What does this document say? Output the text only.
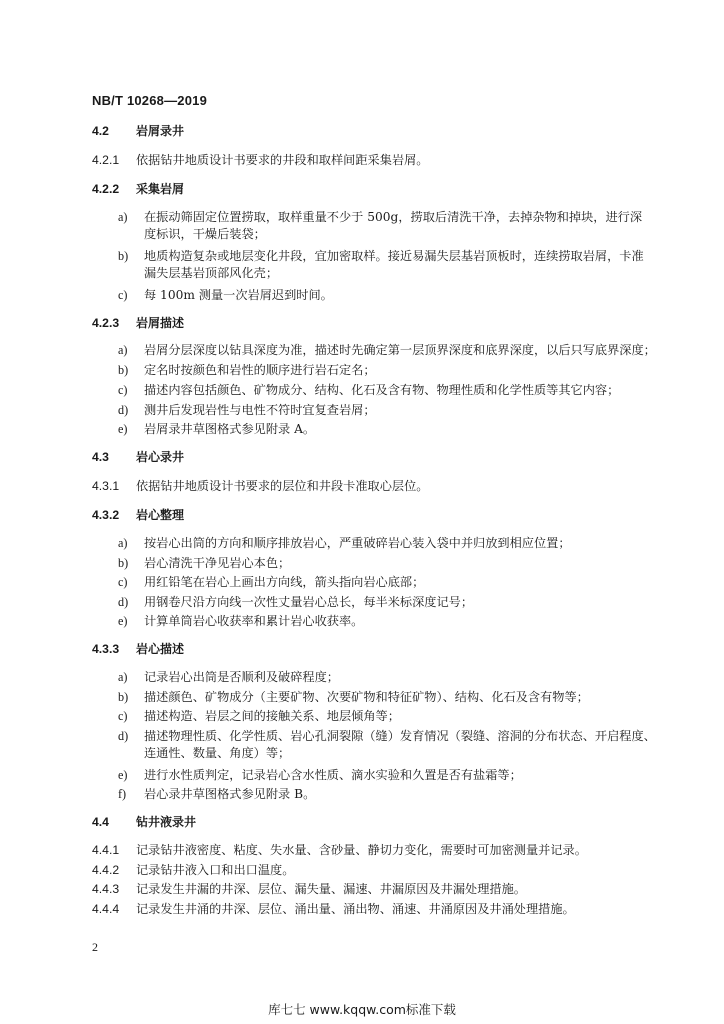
NB/T 10268—2019
4.2 岩屑录井
4.2.1 依据钻井地质设计书要求的井段和取样间距采集岩屑。
4.2.2 采集岩屑
a) 在振动筛固定位置捞取，取样重量不少于 500g，捞取后清洗干净，去掉杂物和掉块，进行深
度标识，干燥后装袋；
b) 地质构造复杂或地层变化井段，宜加密取样。接近易漏失层基岩顶板时，连续捞取岩屑，卡准
漏失层基岩顶部风化壳；
c) 每 100m 测量一次岩屑迟到时间。
4.2.3 岩屑描述
a) 岩屑分层深度以钻具深度为准，描述时先确定第一层顶界深度和底界深度，以后只写底界深度；
b) 定名时按颜色和岩性的顺序进行岩石定名；
c) 描述内容包括颜色、矿物成分、结构、化石及含有物、物理性质和化学性质等其它内容；
d) 测井后发现岩性与电性不符时宜复查岩屑；
e) 岩屑录井草图格式参见附录 A。
4.3 岩心录井
4.3.1 依据钻井地质设计书要求的层位和井段卡准取心层位。
4.3.2 岩心整理
a) 按岩心出筒的方向和顺序排放岩心，严重破碎岩心装入袋中并归放到相应位置；
b) 岩心清洗干净见岩心本色；
c) 用红铅笔在岩心上画出方向线，箭头指向岩心底部；
d) 用钢卷尺沿方向线一次性丈量岩心总长，每半米标深度记号；
e) 计算单筒岩心收获率和累计岩心收获率。
4.3.3 岩心描述
a) 记录岩心出筒是否顺利及破碎程度；
b) 描述颜色、矿物成分（主要矿物、次要矿物和特征矿物）、结构、化石及含有物等；
c) 描述构造、岩层之间的接触关系、地层倾角等；
d) 描述物理性质、化学性质、岩心孔洞裂隙（缝）发育情况（裂缝、溶洞的分布状态、开启程度、
连通性、数量、角度）等；
e) 进行水性质判定，记录岩心含水性质、滴水实验和久置是否有盐霜等；
f) 岩心录井草图格式参见附录 B。
4.4 钻井液录井
4.4.1 记录钻井液密度、粘度、失水量、含砂量、静切力变化，需要时可加密测量并记录。
4.4.2 记录钻井液入口和出口温度。
4.4.3 记录发生井漏的井深、层位、漏失量、漏速、井漏原因及井漏处理措施。
4.4.4 记录发生井涌的井深、层位、涌出量、涌出物、涌速、井涌原因及井涌处理措施。
2
库七七 www.kqqw.com标准下载
